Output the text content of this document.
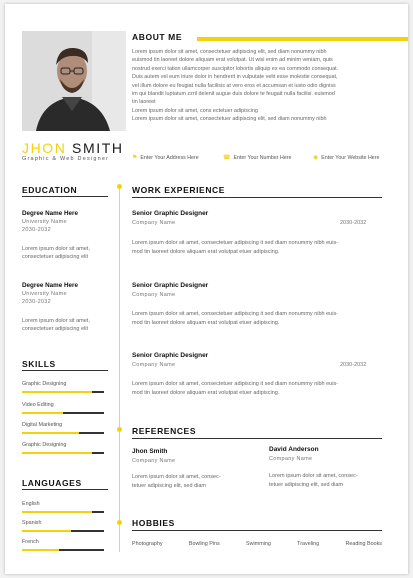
JHON SMITH
Graphic & Web Designer
ABOUT ME

Lorem ipsum dolor sit amet, consectetuer adipiscing elit, sed diam nonummy nibh

euismod tin laoreet dolore aliquam erat volutpat. Ut wisi enim ad minim veniam, quis

nostrud exerci tation ullamcorper suscipitor lobortis aliquip ex ea commodo consequat.

Duis autem vel eum iriure dolor in hendrerit in vulputate velit esse molestie consequat,

vel illum dolore eu feugiat nulla facilisis at vero eros et accumsan et iusto odio digniss

im qui blandit luptatum zzril delenit augue duis dolore te feugait nulla facilisi. euismod

tin laoreet

Lorem ipsum dolor sit amet, cons ectetuer adipiscing

Lorem ipsum dolor sit amet, consectetuer adipiscing elit, sed diam nonummy nibh

⚑ Enter Your Address Here	☎ Enter Your Number Here	◉ Enter Your Website Here
EDUCATION
Degree Name Here
University Name
2030-2032
Lorem ipsum dolor sit amet,
consectetuer adipiscing elit
Degree Name Here
University Name
2030-2032
Lorem ipsum dolor sit amet,
consectetuer adipiscing elit
SKILLS
Graphic Designing
Video Editing
Digital Marketing
Graphic Designing
LANGUAGES
English
Spanish
French
WORK EXPERIENCE
Senior Graphic Designer
Company Name	2030-2032
Lorem ipsum dolor sit amet, consectetuer adipiscing it sed diam nonummy nibh euis-
mod tin laoreet dolore aliquam erat volutpat etuer adipiscing.
Senior Graphic Designer
Company Name
Lorem ipsum dolor sit amet, consectetuer adipiscing it sed diam nonummy nibh euis-
mod tin laoreet dolore aliquam erat volutpat etuer adipiscing.
Senior Graphic Designer
Company Name	2030-2032
Lorem ipsum dolor sit amet, consectetuer adipiscing it sed diam nonummy nibh euis-
mod tin laoreet dolore aliquam erat volutpat etuer adipiscing.
REFERENCES
Jhon Smith
Company Name
Lorem ipsum dolor sit amet, consec-
tetuer adipiscing elit, sed diam
David Anderson
Company Name
Lorem ipsum dolor sit amet, consec-
tetuer adipiscing elit, sed diam
HOBBIES
Photography	Bowling Pins	Swimming	Traveling	Reading Books
